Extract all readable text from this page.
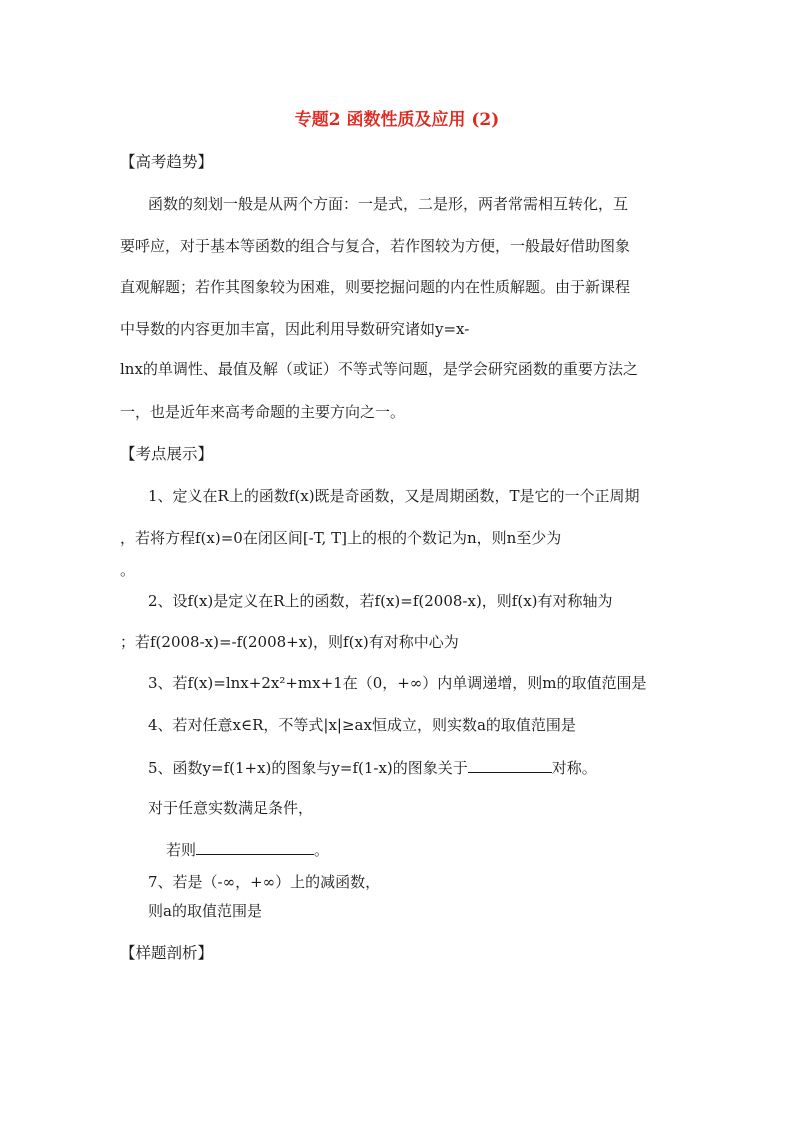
专题2 函数性质及应用 (2)
【高考趋势】
函数的刻划一般是从两个方面：一是式，二是形，两者常需相互转化，互
要呼应，对于基本等函数的组合与复合，若作图较为方便，一般最好借助图象
直观解题；若作其图象较为困难，则要挖掘问题的内在性质解题。由于新课程
中导数的内容更加丰富，因此利用导数研究诸如y=x-
lnx的单调性、最值及解（或证）不等式等问题，是学会研究函数的重要方法之
一，也是近年来高考命题的主要方向之一。
【考点展示】
1、定义在R上的函数f(x)既是奇函数，又是周期函数，T是它的一个正周期
，若将方程f(x)=0在闭区间[-T, T]上的根的个数记为n，则n至少为
。
2、设f(x)是定义在R上的函数，若f(x)=f(2008-x)，则f(x)有对称轴为
；若f(2008-x)=-f(2008+x)，则f(x)有对称中心为
3、若f(x)=lnx+2x²+mx+1在（0，+∞）内单调递增，则m的取值范围是
4、若对任意x∈R，不等式|x|≥ax恒成立，则实数a的取值范围是
5、函数y=f(1+x)的图象与y=f(1-x)的图象关于	对称。
对于任意实数满足条件，
若则	。
7、若是（-∞，+∞）上的减函数，
则a的取值范围是
【样题剖析】
